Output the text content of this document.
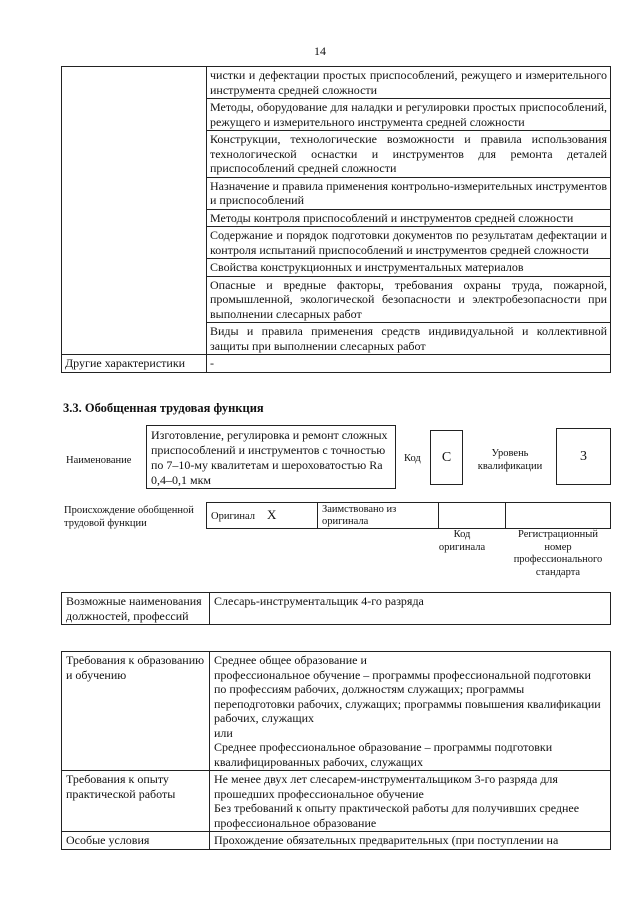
14
	чистки и дефектации простых приспособлений, режущего и измерительного инструмента средней сложности
	Методы, оборудование для наладки и регулировки простых приспособлений, режущего и измерительного инструмента средней сложности
	Конструкции, технологические возможности и правила использования технологической оснастки и инструментов для ремонта деталей приспособлений средней сложности
	Назначение и правила применения контрольно-измерительных инструментов и приспособлений
	Методы контроля приспособлений и инструментов средней сложности
	Содержание и порядок подготовки документов по результатам дефектации и контроля испытаний приспособлений и инструментов средней сложности
	Свойства конструкционных и инструментальных материалов
	Опасные и вредные факторы, требования охраны труда, пожарной, промышленной, экологической безопасности и электробезопасности при выполнении слесарных работ
	Виды и правила применения средств индивидуальной и коллективной защиты при выполнении слесарных работ
Другие характеристики	-
3.3. Обобщенная трудовая функция
Наименование
Изготовление, регулировка и ремонт сложных приспособлений и инструментов с точностью по 7–10-му квалитетам и шероховатостью Ra 0,4–0,1 мкм
Код	С	Уровень квалификации
3
Происхождение обобщенной трудовой функции
Оригинал Х	Заимствовано из оригинала		
Код оригинала
Регистрационный номер профессионального стандарта
Возможные наименования должностей, профессий	Слесарь-инструментальщик 4-го разряда
Требования к образованию и обучению	Среднее общее образование и
профессиональное обучение – программы профессиональной подготовки по профессиям рабочих, должностям служащих; программы переподготовки рабочих, служащих; программы повышения квалификации рабочих, служащих
или
Среднее профессиональное образование – программы подготовки квалифицированных рабочих, служащих

Требования к опыту практической работы	Не менее двух лет слесарем-инструментальщиком 3-го разряда для прошедших профессиональное обучение
Без требований к опыту практической работы для получивших среднее профессиональное образование

Особые условия	Прохождение обязательных предварительных (при поступлении на
